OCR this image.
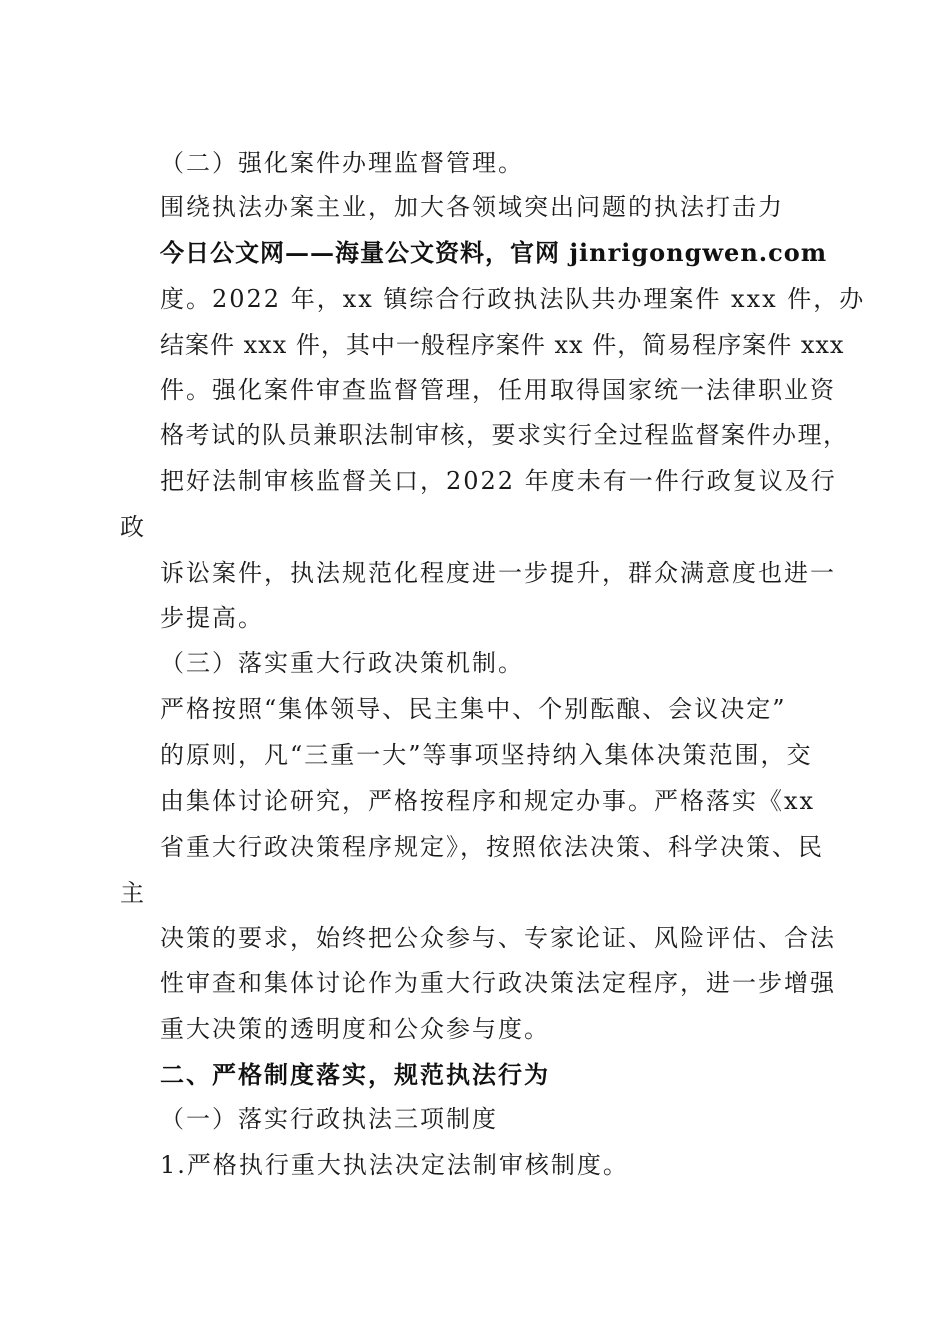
（二）强化案件办理监督管理。
围绕执法办案主业，加大各领域突出问题的执法打击力
今日公文网——海量公文资料，官网 jinrigongwen.com
度。2022 年，xx 镇综合行政执法队共办理案件 xxx 件，办
结案件 xxx 件，其中一般程序案件 xx 件，简易程序案件 xxx
件。强化案件审查监督管理，任用取得国家统一法律职业资
格考试的队员兼职法制审核，要求实行全过程监督案件办理，
把好法制审核监督关口，2022 年度未有一件行政复议及行
政
诉讼案件，执法规范化程度进一步提升，群众满意度也进一
步提高。
（三）落实重大行政决策机制。
严格按照“集体领导、民主集中、个别酝酿、会议决定”
的原则，凡“三重一大”等事项坚持纳入集体决策范围，交
由集体讨论研究，严格按程序和规定办事。严格落实《xx
省重大行政决策程序规定》，按照依法决策、科学决策、民
主
决策的要求，始终把公众参与、专家论证、风险评估、合法
性审查和集体讨论作为重大行政决策法定程序，进一步增强
重大决策的透明度和公众参与度。
二、严格制度落实，规范执法行为
（一）落实行政执法三项制度
1.严格执行重大执法决定法制审核制度。
